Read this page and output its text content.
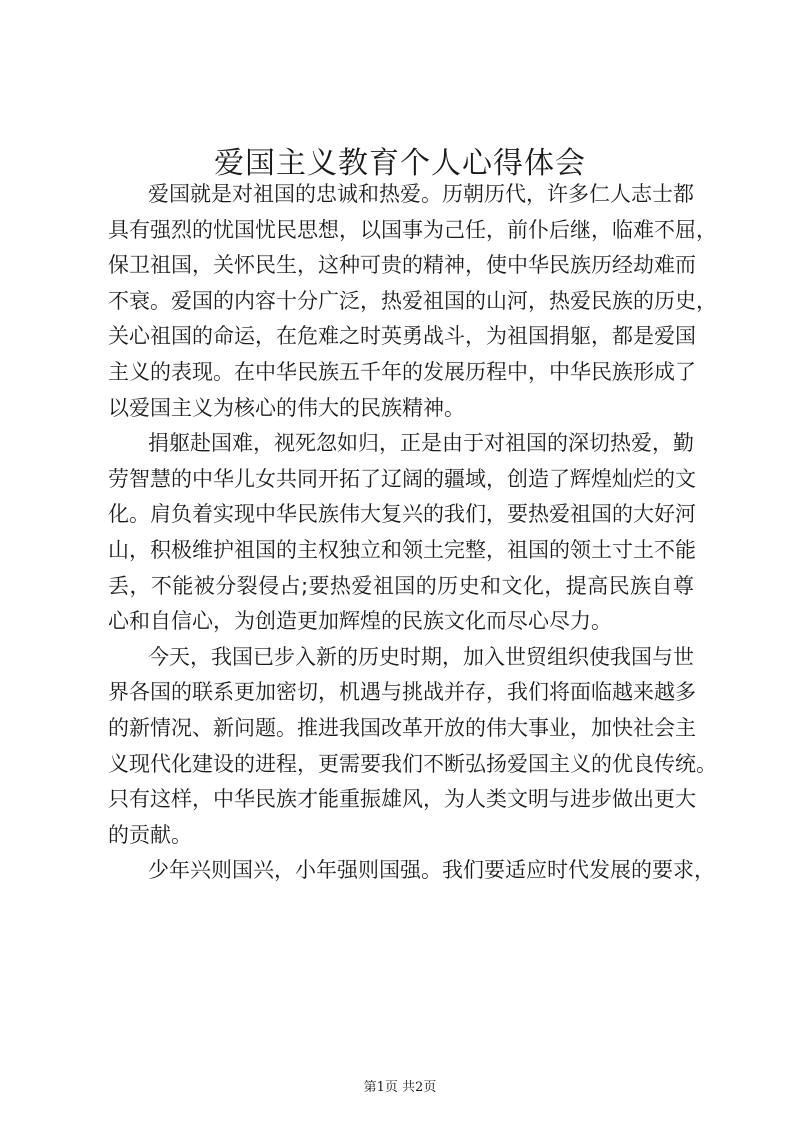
爱国主义教育个人心得体会
爱国就是对祖国的忠诚和热爱。历朝历代，许多仁人志士都
具有强烈的忧国忧民思想，以国事为己任，前仆后继，临难不屈，
保卫祖国，关怀民生，这种可贵的精神，使中华民族历经劫难而
不衰。爱国的内容十分广泛，热爱祖国的山河，热爱民族的历史，
关心祖国的命运，在危难之时英勇战斗，为祖国捐躯，都是爱国
主义的表现。在中华民族五千年的发展历程中，中华民族形成了
以爱国主义为核心的伟大的民族精神。
捐躯赴国难，视死忽如归，正是由于对祖国的深切热爱，勤
劳智慧的中华儿女共同开拓了辽阔的疆域，创造了辉煌灿烂的文
化。肩负着实现中华民族伟大复兴的我们，要热爱祖国的大好河
山，积极维护祖国的主权独立和领土完整，祖国的领土寸土不能
丢，不能被分裂侵占;要热爱祖国的历史和文化，提高民族自尊
心和自信心，为创造更加辉煌的民族文化而尽心尽力。
今天，我国已步入新的历史时期，加入世贸组织使我国与世
界各国的联系更加密切，机遇与挑战并存，我们将面临越来越多
的新情况、新问题。推进我国改革开放的伟大事业，加快社会主
义现代化建设的进程，更需要我们不断弘扬爱国主义的优良传统。
只有这样，中华民族才能重振雄风，为人类文明与进步做出更大
的贡献。
少年兴则国兴，小年强则国强。我们要适应时代发展的要求，
第1页 共2页
